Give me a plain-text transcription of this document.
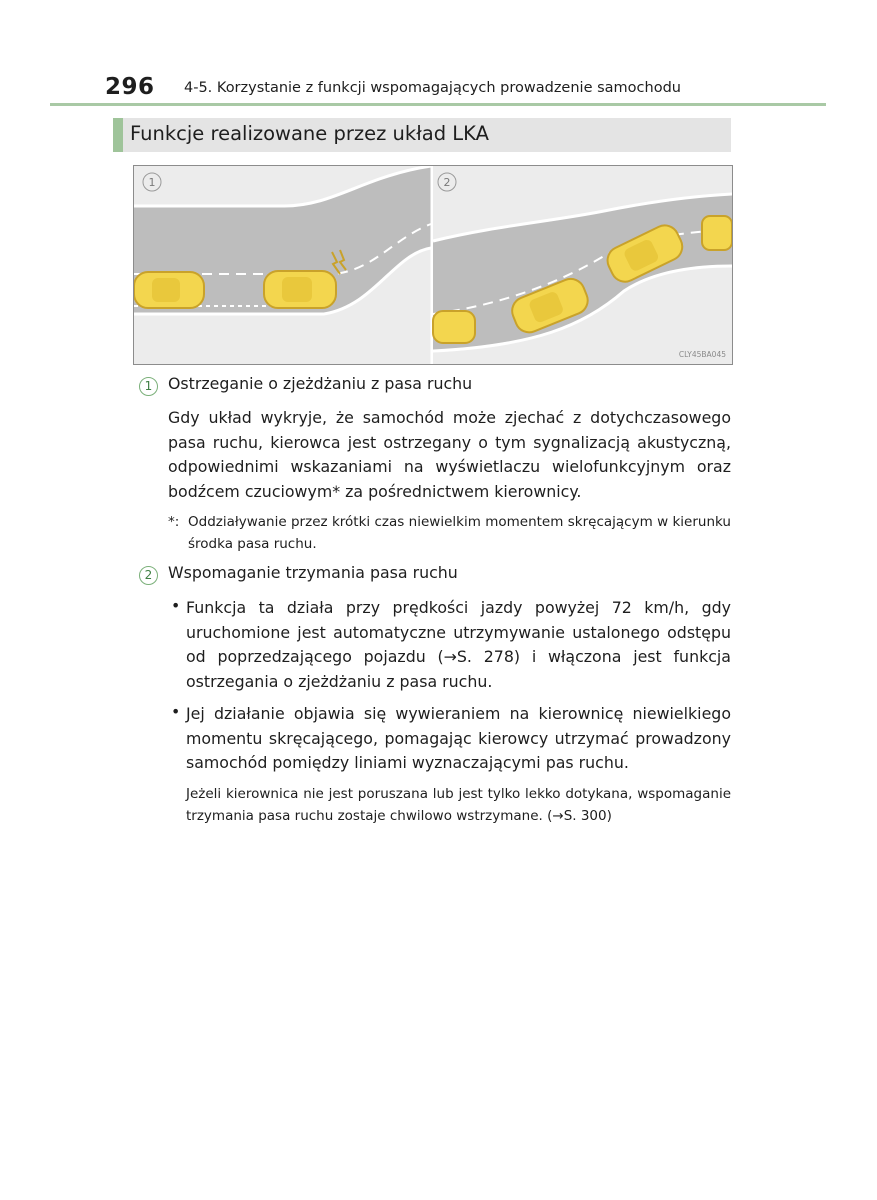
296 4-5. Korzystanie z funkcji wspomagających prowadzenie samochodu
Funkcje realizowane przez układ LKA
1	2
CLY45BA045
1 Ostrzeganie o zjeżdżaniu z pasa ruchu
Gdy układ wykryje, że samochód może zjechać z dotychczasowego pasa ruchu, kierowca jest ostrzegany o tym sygnalizacją akustyczną, odpowiednimi wskazaniami na wyświetlaczu wielofunkcyjnym oraz bodźcem czuciowym* za pośrednictwem kierownicy.
*: Oddziaływanie przez krótki czas niewielkim momentem skręcającym w kierunku środka pasa ruchu.
2 Wspomaganie trzymania pasa ruchu
• Funkcja ta działa przy prędkości jazdy powyżej 72 km/h, gdy uruchomione jest automatyczne utrzymywanie ustalonego odstępu od poprzedzającego pojazdu (→S. 278) i włączona jest funkcja ostrzegania o zjeżdżaniu z pasa ruchu.
• Jej działanie objawia się wywieraniem na kierownicę niewielkiego momentu skręcającego, pomagając kierowcy utrzymać prowadzony samochód pomiędzy liniami wyznaczającymi pas ruchu.
Jeżeli kierownica nie jest poruszana lub jest tylko lekko dotykana, wspomaganie trzymania pasa ruchu zostaje chwilowo wstrzymane. (→S. 300)
